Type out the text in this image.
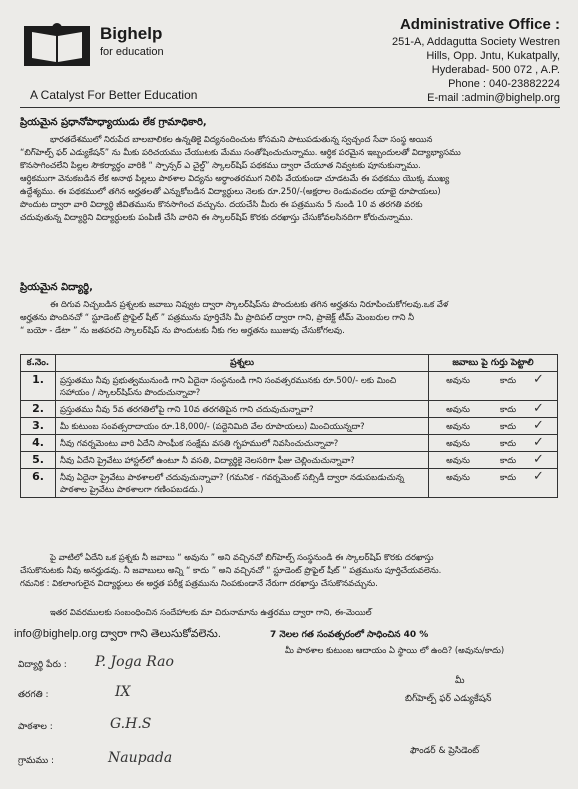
Bighelp
for education
A Catalyst For Better Education
Administrative Office :
251-A, Addagutta Society Westren
Hills, Opp. Jntu, Kukatpally,
Hyderabad- 500 072 , A.P.
Phone : 040-23882224
E-mail :admin@bighelp.org
ప్రియమైన ప్రధానోపాధ్యాయుడు లేక గ్రామాధికారి,
భారతదేశములో నిరుపేద బాలబాలికల ఉన్నతికై విద్యనందించుట కోసమని పాటుపడుతున్న స్వచ్చంద సేవా సంస్థ అయిన
“బిగ్‌హెల్ప్ ఫర్ ఎడ్యుకేషన్” ను మీకు పరిచయము చేయుటకు మేము సంతోషించుచున్నాము. ఆర్ధిక పరమైన ఇబ్బందులతో విద్యాభ్యాసము
కొనసాగించలేని పిల్లల సౌకర్యార్ధం వారికి “ స్పాన్సర్ ఎ చైల్డ్” స్కాలర్‌షిప్ పథకము ద్వారా చేయూత నివ్వటకు పూనుకున్నాము.
ఆర్ధికముగా వెనుకబడిన లేక అనాథ పిల్లలు పాఠశాల విద్యను అర్ధాంతరముగ నిలిపి వేయకుండా చూడటమే ఈ పథకము యొక్క ముఖ్య
ఉద్దేశ్యము. ఈ పథకములో తగిన అర్హతలతో ఎన్నుకోబడిన విద్యార్ధులు నెలకు రూ.250/-(అక్షరాల రెండువందల యాభై రూపాయలు)
పొందుట ద్వారా వారి విద్యార్థి జీవితమును కొనసాగించ వచ్చును. దయచేసి మీరు ఈ పత్రమును 5 నుండి 10 వ తరగతి వరకు
చదువుతున్న విద్యార్ధిని విద్యార్ధులకు పంపిణీ చేసి వారిని ఈ స్కాలర్‌షిప్ కొరకు దరఖాస్తు చేసుకోవలసినదిగా కోరుచున్నాము.
ప్రియమైన విద్యార్థి,
ఈ దిగువ నిచ్చబడిన ప్రశ్నలకు జవాబు నివ్వుట ద్వారా స్కాలర్‌షిప్‌ను పొందుటకు తగిన అర్హతను నిరూపించుకోగలవు.ఒక వేళ
అర్హతను పొందినచో “ స్టూడెంట్ ప్రొఫైల్ షీట్ ” పత్రమును పూర్తిచేసి మీ ప్రాదిపల్ ద్వారా గాని, ప్రాజెక్ట్ టీమ్ మెంబరుల గాని నీ
“ బయో - డేటా ” ను జతపరచి స్కాలర్‌షిప్ ను పొందుటకు నీకు గల అర్హతను ఋజువు చేసుకోగలవు.
క.నెం.	ప్రశ్నలు	జవాబు పై గుర్తు పెట్టాలి
1.	ప్రస్తుతము నీవు ప్రభుత్వమునుండి గాని ఏదైనా సంస్థనుండి గాని సంవత్సరమునకు రూ.500/- లకు మించి సహాయం / స్కాలర్‌షిప్‌ను పొందుచున్నావా?	అవును కాదు ✓
2.	ప్రస్తుతము నీవు 5వ తరగతిలోపై గాని 10వ తరగతిపైన గాని చదువుచున్నావా?	అవును కాదు ✓
3.	మీ కుటుంబ సంవత్సరాదాయం రూ.18,000/- (పద్దెనిమిది వేల రూపాయలు) మించియున్నదా?	అవును కాదు ✓
4.	నీవు గవర్నమెంటు వారి ఏదేని సాంఘీక సంక్షేమ వసతి గృహములో నివసించుచున్నావా?	అవును కాదు ✓
5.	నీవు ఏదేని ప్రైవేటు హాస్టల్‌లో ఉంటూ నీ వసతి, విద్యార్థికై నెలసరిగా ఫీజు చెల్లించుచున్నావా?	అవును కాదు ✓
6.	నీవు ఏదైనా ప్రైవేటు పాఠశాలలో చదువుచున్నావా? (గమనిక - గవర్నమెంట్ సబ్సిడీ ద్వారా నడుపబడుచున్న పాఠశాల ప్రైవేటు పాఠశాలగా గణింపబడదు.)	అవును కాదు ✓
పై వాటిలో ఏదేని ఒక ప్రశ్నకు నీ జవాబు “ అవును ” అని వచ్చినచో బిగ్‌హెల్ప్ సంస్థనుండి ఈ స్కాలర్‌షిప్ కొరకు దరఖాస్తు
చేసుకొనుటకు నీవు అనర్హుడవు. నీ జవాబులు అన్ని “ కాదు ” అని వచ్చినచో “ స్టూడెంట్ ప్రొఫైల్ షీట్ ” పత్రమును పూర్తిచేయవలెను.
గమనిక : వికలాంగులైన విద్యార్థులు ఈ అర్హత పరీక్ష పత్రమును నింపకుండానే నేరుగా దరఖాస్తు చేసుకొనవచ్చును.
ఇతర వివరములకు సంబంధించిన సందేహాలకు మా చిరునామాను ఉత్తరము ద్వారా గాని, ఈ-మెయిల్
info@bighelp.org ద్వారా గాని తెలుసుకోవలెను.	7 నెలల గత సంవత్సరంలో సాధించిన 40 %
మీ పాఠశాల కుటుంబ ఆదాయం ఏ స్థాయి లో ఉంది? (అవును/కాదు)
విద్యార్థి పేరు : P. Joga Rao
తరగతి :	IX
పాఠశాల :	G.H.S
గ్రామము :	Naupada
మీ
బిగ్‌హెల్ప్ ఫర్ ఎడ్యుకేషన్
ఫౌండర్ & ప్రెసిడెంట్
